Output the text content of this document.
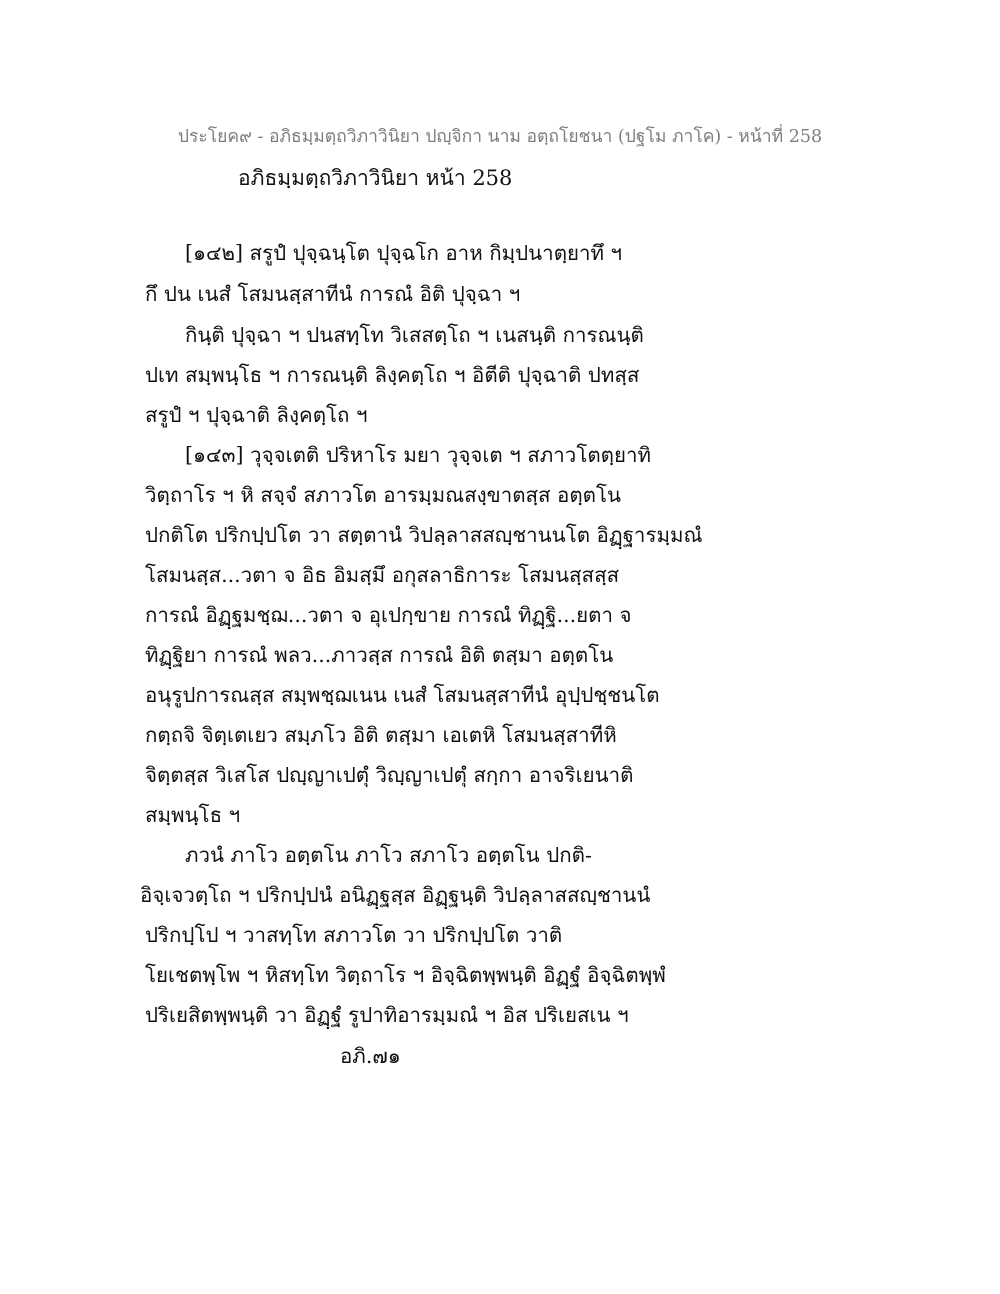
ประโยค๙ - อภิธมฺมตฺถวิภาวินิยา ปญฺจิกา นาม อตฺถโยชนา (ปฐโม ภาโค) - หน้าที่ 258
อภิธมฺมตฺถวิภาวินิยา หน้า 258
[๑๔๒] สรูปํ ปุจฺฉนฺโต ปุจฺฉโก อาห กิมฺปนาตฺยาทึ ฯ
กึ ปน เนสํ โสมนสฺสาทีนํ การณํ อิติ ปุจฺฉา ฯ
กินฺติ ปุจฺฉา ฯ ปนสทฺโท วิเสสตฺโถ ฯ เนสนฺติ การณนฺติ
ปเท สมฺพนฺโธ ฯ การณนฺติ ลิงฺคตฺโถ ฯ อิตีติ ปุจฺฉาติ ปทสฺส
สรูปํ ฯ ปุจฺฉาติ ลิงฺคตฺโถ ฯ
[๑๔๓] วุจฺจเตติ ปริหาโร มยา วุจฺจเต ฯ สภาวโตตฺยาทิ
วิตฺถาโร ฯ หิ สจฺจํ สภาวโต อารมฺมณสงฺขาตสฺส อตฺตโน
ปกติโต ปริกปฺปโต วา สตฺตานํ วิปลฺลาสสญฺชานนโต อิฏฺฐารมฺมณํ
โสมนสฺส...วตา จ อิธ อิมสฺมึ อกุสลาธิการะ โสมนสฺสสฺส
การณํ อิฏฺฐมชฺฌ...วตา จ อุเปกฺขาย การณํ ทิฏฺฐิ...ยตา จ
ทิฏฺฐิยา การณํ พลว...ภาวสฺส การณํ อิติ ตสฺมา อตฺตโน
อนุรูปการณสฺส สมฺพชฺฌเนน เนสํ โสมนสฺสาทีนํ อุปฺปชฺชนโต
กตฺถจิ จิตฺเตเยว สมฺภโว อิติ ตสฺมา เอเตหิ โสมนสฺสาทีหิ
จิตฺตสฺส วิเสโส ปญฺญาเปตุํ วิญฺญาเปตุํ สกฺกา อาจริเยนาติ
สมฺพนฺโธ ฯ
ภวนํ ภาโว อตฺตโน ภาโว สภาโว อตฺตโน ปกติ-
อิจฺเจวตฺโถ ฯ ปริกปฺปนํ อนิฏฺฐสฺส อิฏฺฐนฺติ วิปลฺลาสสญฺชานนํ
ปริกปฺโป ฯ วาสทฺโท สภาวโต วา ปริกปฺปโต วาติ
โยเชตพฺโพ ฯ หิสทฺโท วิตฺถาโร ฯ อิจฺฉิตพฺพนฺติ อิฏฺฐํ อิจฺฉิตพฺพํ
ปริเยสิตพฺพนฺติ วา อิฏฺฐํ รูปาทิอารมฺมณํ ฯ อิส ปริเยสเน ฯ
อภิ.๗๑
